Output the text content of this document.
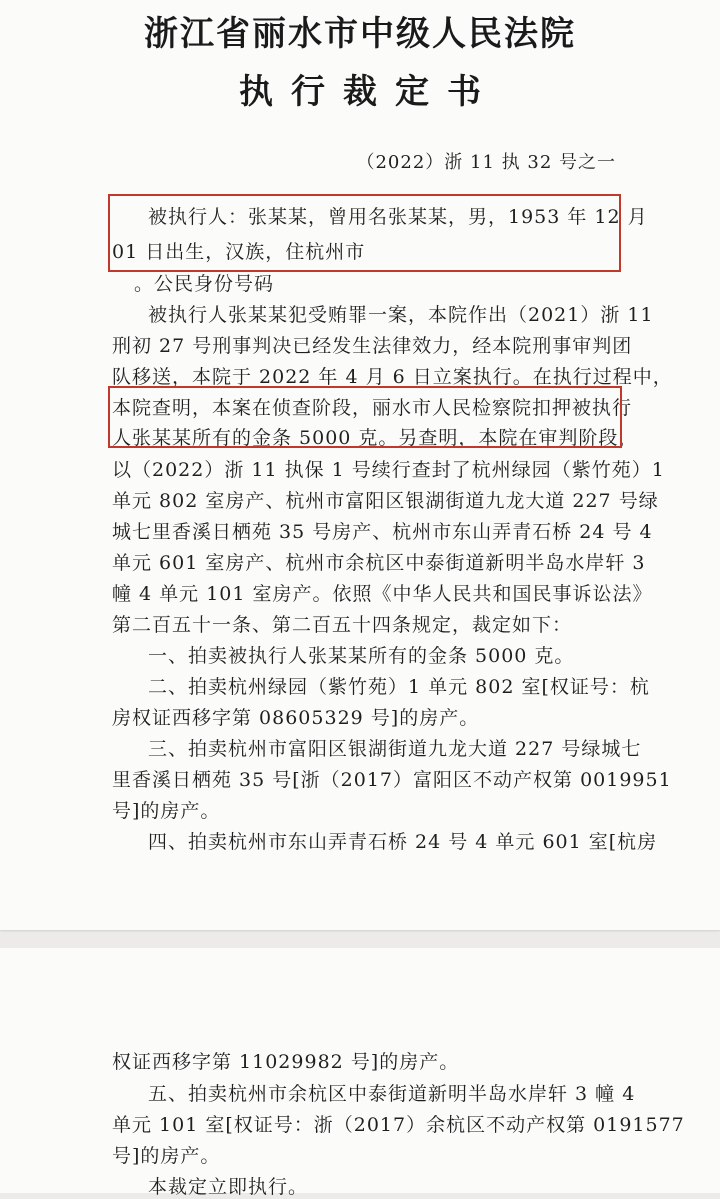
浙江省丽水市中级人民法院
执行裁定书
（2022）浙 11 执 32 号之一
被执行人：张某某，曾用名张某某，男，1953 年 12 月
01 日出生，汉族，住杭州市
。公民身份号码
被执行人张某某犯受贿罪一案，本院作出（2021）浙 11
刑初 27 号刑事判决已经发生法律效力，经本院刑事审判团
队移送，本院于 2022 年 4 月 6 日立案执行。在执行过程中，
本院查明，本案在侦查阶段，丽水市人民检察院扣押被执行
人张某某所有的金条 5000 克。另查明，本院在审判阶段，
以（2022）浙 11 执保 1 号续行查封了杭州绿园（紫竹苑）1
单元 802 室房产、杭州市富阳区银湖街道九龙大道 227 号绿
城七里香溪日栖苑 35 号房产、杭州市东山弄青石桥 24 号 4
单元 601 室房产、杭州市余杭区中泰街道新明半岛水岸轩 3
幢 4 单元 101 室房产。依照《中华人民共和国民事诉讼法》
第二百五十一条、第二百五十四条规定，裁定如下：
一、拍卖被执行人张某某所有的金条 5000 克。
二、拍卖杭州绿园（紫竹苑）1 单元 802 室[权证号：杭
房权证西移字第 08605329 号]的房产。
三、拍卖杭州市富阳区银湖街道九龙大道 227 号绿城七
里香溪日栖苑 35 号[浙（2017）富阳区不动产权第 0019951
号]的房产。
四、拍卖杭州市东山弄青石桥 24 号 4 单元 601 室[杭房
权证西移字第 11029982 号]的房产。
五、拍卖杭州市余杭区中泰街道新明半岛水岸轩 3 幢 4
单元 101 室[权证号：浙（2017）余杭区不动产权第 0191577
号]的房产。
本裁定立即执行。
